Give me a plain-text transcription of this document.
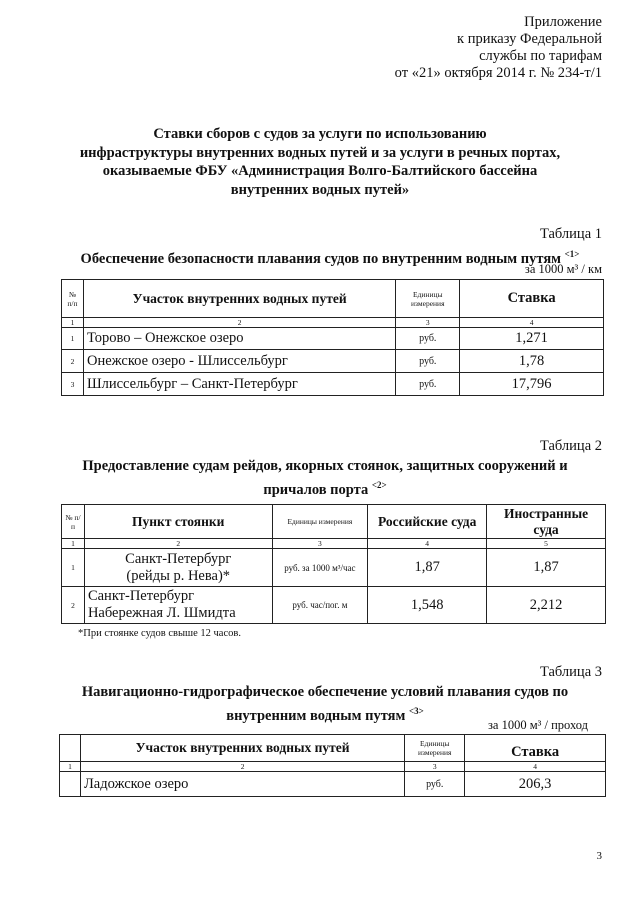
Приложение
к приказу Федеральной
службы по тарифам
от «21» октября 2014 г. № 234-т/1
Ставки сборов с судов за услуги по использованию
инфраструктуры внутренних водных путей и за услуги в речных портах,
оказываемые ФБУ «Администрация Волго-Балтийского бассейна
внутренних водных путей»
Таблица 1
Обеспечение безопасности плавания судов по внутренним водным путям $^{<1>}$
за 1000 м³ / км
№ п/п	Участок внутренних водных путей	Единицы измерения	Ставка
1	2	3	4
1	Торово – Онежское озеро	руб.	1,271
2	Онежское озеро - Шлиссельбург	руб.	1,78
3	Шлиссельбург – Санкт-Петербург	руб.	17,796
Таблица 2
Предоставление судам рейдов, якорных стоянок, защитных сооружений и
причалов порта $^{<2>}$
№ п/п	Пункт стоянки	Единицы измерения	Российские суда	Иностранные суда
1	2	3	4	5
1	Санкт-Петербург
(рейды р. Нева)*	руб. за 1000 м³/час	1,87	1,87
2	Санкт-Петербург
Набережная Л. Шмидта	руб. час/пог. м	1,548	2,212
*При стоянке судов свыше 12 часов.
Таблица 3
Навигационно-гидрографическое обеспечение условий плавания судов по
внутренним водным путям $^{<3>}$
за 1000 м³ / проход
	Участок внутренних водных путей	Единицы измерения	Ставка
1	2	3	4
	Ладожское озеро	руб.	206,3
3
